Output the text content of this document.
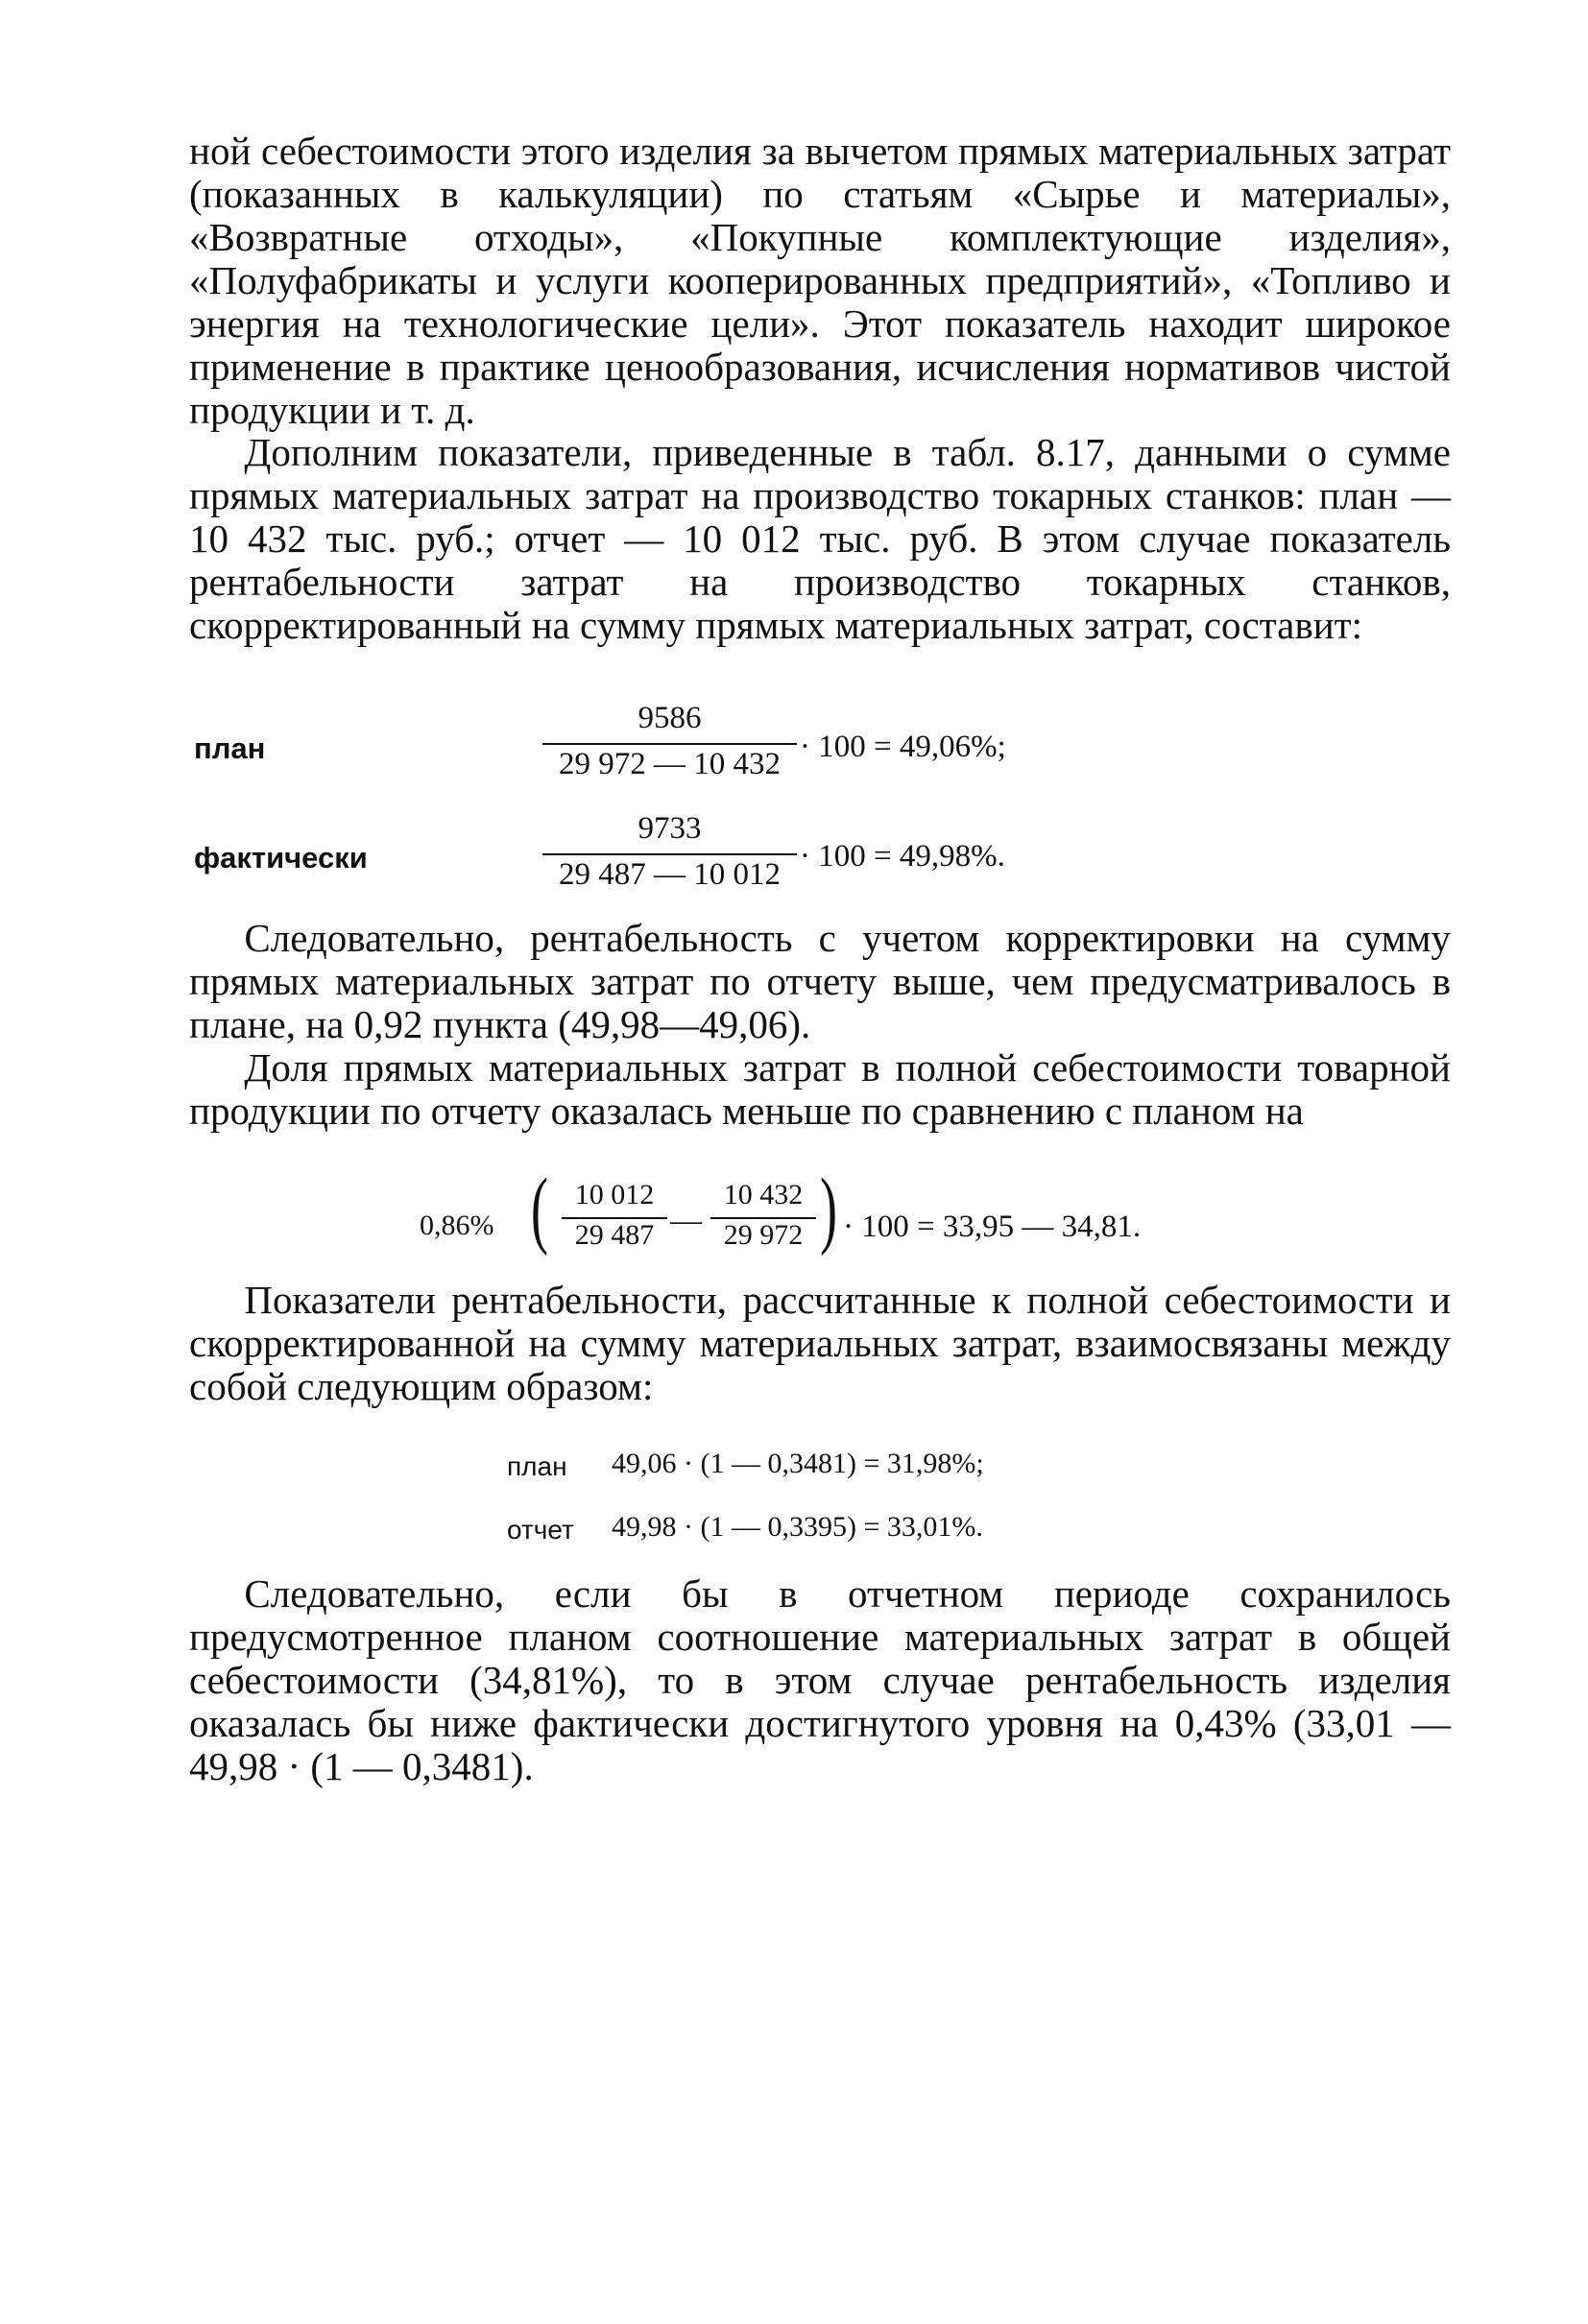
ной себестоимости этого изделия за вычетом прямых материальных затрат (показанных в калькуляции) по статьям «Сырье и материалы», «Возвратные отходы», «Покупные комплектующие изделия», «Полуфабрикаты и услуги кооперированных предприятий», «Топливо и энергия на технологические цели». Этот показатель находит широкое применение в практике ценообразования, исчисления нормативов чистой продукции и т. д.

Дополним показатели, приведенные в табл. 8.17, данными о сумме прямых материальных затрат на производство токарных станков: план — 10 432 тыс. руб.; отчет — 10 012 тыс. руб. В этом случае показатель рентабельности затрат на производство токарных станков, скорректированный на сумму прямых материальных затрат, составит:

план
9586
29 972 — 10 432 · 100 = 49,06%;
фактически
9733
29 487 — 10 012
· 100 = 49,98%.

Следовательно, рентабельность с учетом корректировки на сумму прямых материальных затрат по отчету выше, чем предусматривалось в плане, на 0,92 пункта (49,98—49,06).

Доля прямых материальных затрат в полной себестоимости товарной продукции по отчету оказалась меньше по сравнению с планом на

0,86% ( 10 012
29 487 —
10 432
29 972 ) · 100 = 33,95 — 34,81.

Показатели рентабельности, рассчитанные к полной себестоимости и скорректированной на сумму материальных затрат, взаимосвязаны между собой следующим образом:

план 49,06 · (1 — 0,3481) = 31,98%;
отчет 49,98 · (1 — 0,3395) = 33,01%.

Следовательно, если бы в отчетном периоде сохранилось предусмотренное планом соотношение материальных затрат в общей себестоимости (34,81%), то в этом случае рентабельность изделия оказалась бы ниже фактически достигнутого уровня на 0,43% (33,01 — 49,98 · (1 — 0,3481).
